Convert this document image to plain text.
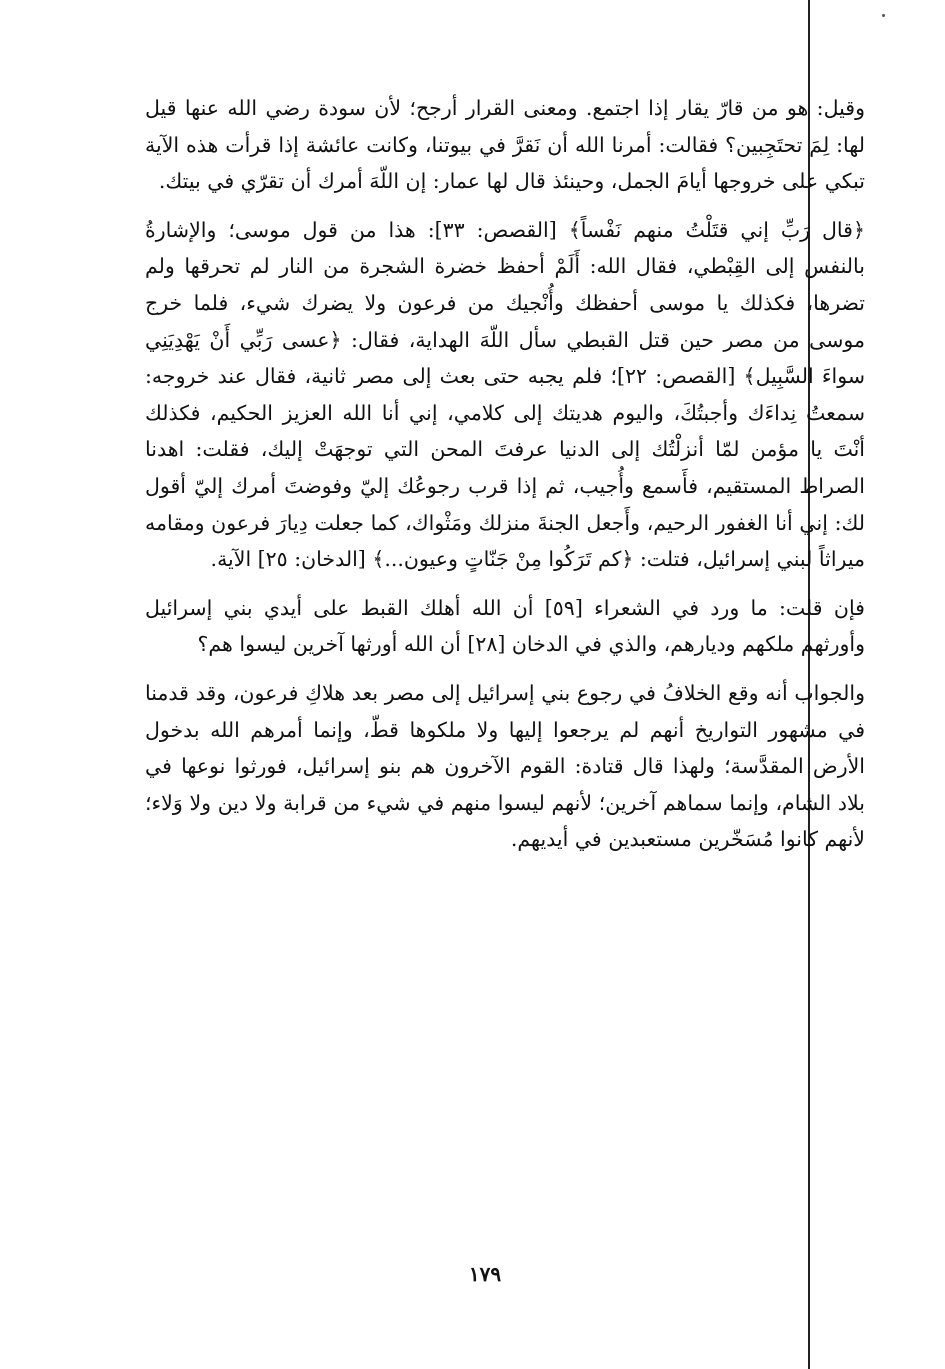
وقيل: هو من قارّ يقار إذا اجتمع. ومعنى القرار أرجح؛ لأن سودة رضي الله عنها قيل لها: لِمَ تحتَجِبين؟ فقالت: أمرنا الله أن نَقرَّ في بيوتنا، وكانت عائشة إذا قرأت هذه الآية تبكي على خروجها أيامَ الجمل، وحينئذ قال لها عمار: إن اللّهَ أمرك أن تقرّي في بيتك.

﴿قال رَبِّ إني قتَلْتُ منهم نَفْساً﴾ [القصص: ٣٣]: هذا من قول موسى؛ والإشارةُ بالنفس إلى القِبْطي، فقال الله: أَلَمْ أحفظ خضرة الشجرة من النار لم تحرقها ولم تضرها، فكذلك يا موسى أحفظك وأُنْجيك من فرعون ولا يضرك شيء، فلما خرج موسى من مصر حين قتل القبطي سأل اللّهَ الهداية، فقال: ﴿عسى رَبِّي أَنْ يَهْدِيَنِي سواءَ السَّبِيل﴾ [القصص: ٢٢]؛ فلم يجبه حتى بعث إلى مصر ثانية، فقال عند خروجه: سمعتُ نِداءَك وأجبتُكَ، واليوم هديتك إلى كلامي، إني أنا الله العزيز الحكيم، فكذلك أنْتَ يا مؤمن لمّا أنزلْتُك إلى الدنيا عرفتَ المحن التي توجهَتْ إليك، فقلت: اهدنا الصراط المستقيم، فأَسمع وأُجيب، ثم إذا قرب رجوعُك إليّ وفوضتَ أمرك إليّ أقول لك: إني أنا الغفور الرحيم، وأَجعل الجنةَ منزلك ومَثْواك، كما جعلت دِيارَ فرعون ومقامه ميراثاً لبني إسرائيل، فتلت: ﴿كم تَرَكُوا مِنْ جَنّاتٍ وعيون...﴾ [الدخان: ٢٥] الآية.

فإن قلت: ما ورد في الشعراء [٥٩] أن الله أهلك القبط على أيدي بني إسرائيل وأورثهم ملكهم وديارهم، والذي في الدخان [٢٨] أن الله أورثها آخرين ليسوا هم؟

والجواب أنه وقع الخلافُ في رجوع بني إسرائيل إلى مصر بعد هلاكِ فرعون، وقد قدمنا في مشهور التواريخ أنهم لم يرجعوا إليها ولا ملكوها قطّ، وإنما أمرهم الله بدخول الأرض المقدَّسة؛ ولهذا قال قتادة: القوم الآخرون هم بنو إسرائيل، فورثوا نوعها في بلاد الشام، وإنما سماهم آخرين؛ لأنهم ليسوا منهم في شيء من قرابة ولا دين ولا وَلاء؛ لأنهم كانوا مُسَخّرين مستعبدين في أيديهم.

١٧٩
